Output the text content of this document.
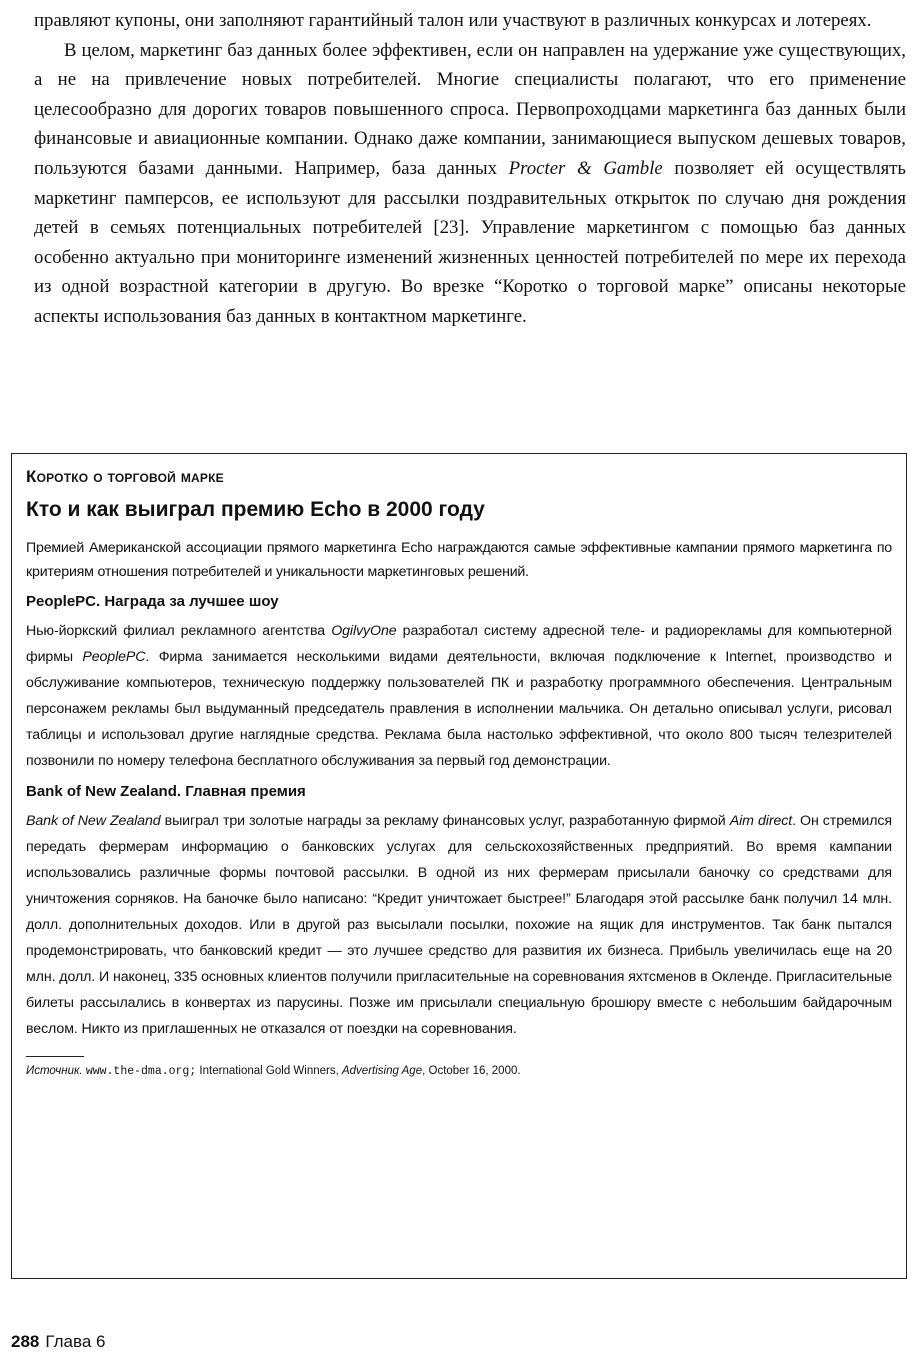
правляют купоны, они заполняют гарантийный талон или участвуют в различных конкурсах и лотереях.

В целом, маркетинг баз данных более эффективен, если он направлен на удержание уже существующих, а не на привлечение новых потребителей. Многие специалисты полагают, что его применение целесообразно для дорогих товаров повышенного спроса. Первопроходцами маркетинга баз данных были финансовые и авиационные компании. Однако даже компании, занимающиеся выпуском дешевых товаров, пользуются базами данными. Например, база данных Procter & Gamble позволяет ей осуществлять маркетинг памперсов, ее используют для рассылки поздравительных открыток по случаю дня рождения детей в семьях потенциальных потребителей [23]. Управление маркетингом с помощью баз данных особенно актуально при мониторинге изменений жизненных ценностей потребителей по мере их перехода из одной возрастной категории в другую. Во врезке “Коротко о торговой марке” описаны некоторые аспекты использования баз данных в контактном маркетинге.

Коротко о торговой марке
Кто и как выиграл премию Echo в 2000 году
Премией Американской ассоциации прямого маркетинга Echo награждаются самые эффективные кампании прямого маркетинга по критериям отношения потребителей и уникальности маркетинговых решений.
PeoplePC. Награда за лучшее шоу
Нью-йоркский филиал рекламного агентства OgilvyOne разработал систему адресной теле- и радиорекламы для компьютерной фирмы PeoplePC. Фирма занимается несколькими видами деятельности, включая подключение к Internet, производство и обслуживание компьютеров, техническую поддержку пользователей ПК и разработку программного обеспечения. Центральным персонажем рекламы был выдуманный председатель правления в исполнении мальчика. Он детально описывал услуги, рисовал таблицы и использовал другие наглядные средства. Реклама была настолько эффективной, что около 800 тысяч телезрителей позвонили по номеру телефона бесплатного обслуживания за первый год демонстрации.
Bank of New Zealand. Главная премия
Bank of New Zealand выиграл три золотые награды за рекламу финансовых услуг, разработанную фирмой Aim direct. Он стремился передать фермерам информацию о банковских услугах для сельскохозяйственных предприятий. Во время кампании использовались различные формы почтовой рассылки. В одной из них фермерам присылали баночку со средствами для уничтожения сорняков. На баночке было написано: “Кредит уничтожает быстрее!” Благодаря этой рассылке банк получил 14 млн. долл. дополнительных доходов. Или в другой раз высылали посылки, похожие на ящик для инструментов. Так банк пытался продемонстрировать, что банковский кредит — это лучшее средство для развития их бизнеса. Прибыль увеличилась еще на 20 млн. долл. И наконец, 335 основных клиентов получили пригласительные на соревнования яхтсменов в Окленде. Пригласительные билеты рассылались в конвертах из парусины. Позже им присылали специальную брошюру вместе с небольшим байдарочным веслом. Никто из приглашенных не отказался от поездки на соревнования.
Источник. www.the-dma.org; International Gold Winners, Advertising Age, October 16, 2000.
288 Глава 6
